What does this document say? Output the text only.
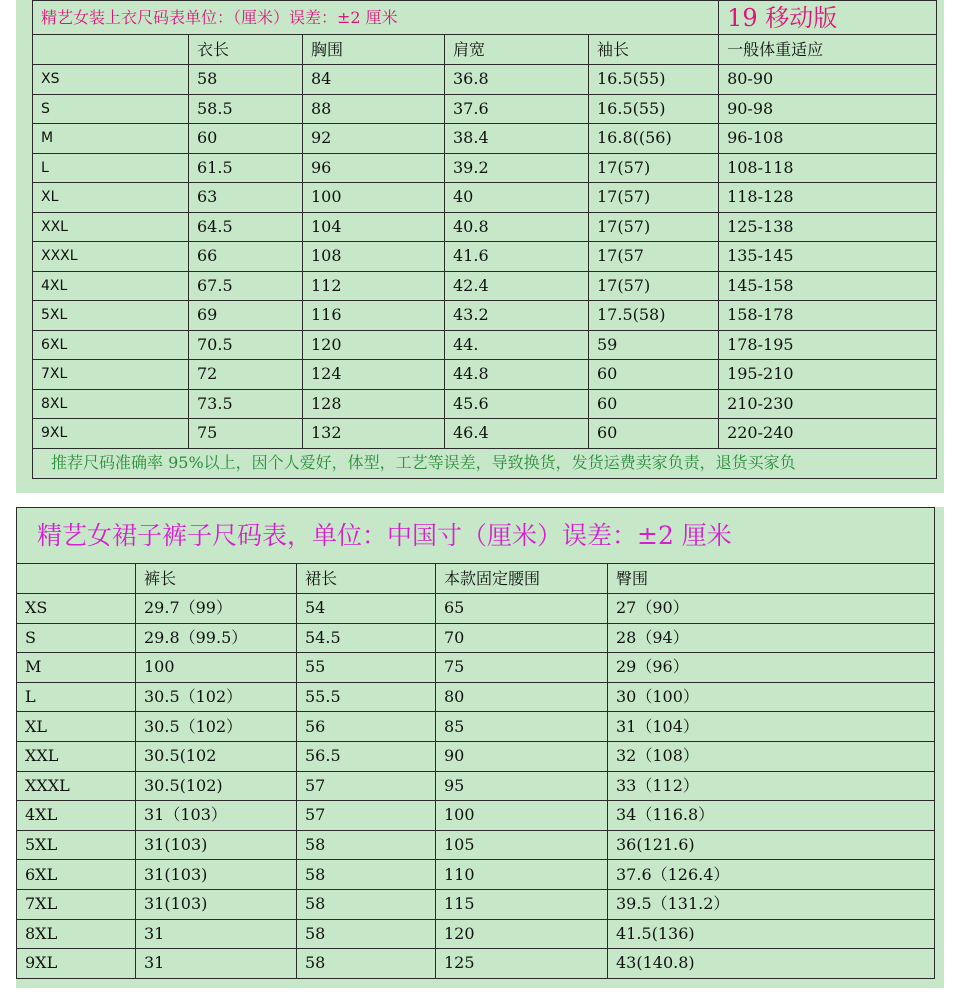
精艺女装上衣尺码表单位：（厘米）误差：±2 厘米					19 移动版
	衣长	胸围	肩宽	袖长	一般体重适应
XS	58	84	36.8	16.5(55)	80-90
S	58.5	88	37.6	16.5(55)	90-98
M	60	92	38.4	16.8((56)	96-108
L	61.5	96	39.2	17(57)	108-118
XL	63	100	40	17(57)	118-128
XXL	64.5	104	40.8	17(57)	125-138
XXXL	66	108	41.6	17(57	135-145
4XL	67.5	112	42.4	17(57)	145-158
5XL	69	116	43.2	17.5(58)	158-178
6XL	70.5	120	44.	59	178-195
7XL	72	124	44.8	60	195-210
8XL	73.5	128	45.6	60	210-230
9XL	75	132	46.4	60	220-240
推荐尺码准确率 95%以上，因个人爱好，体型，工艺等误差，导致换货，发货运费卖家负责，退货买家负					
精艺女裙子裤子尺码表，单位：中国寸（厘米）误差：±2 厘米				
	裤长	裙长	本款固定腰围	臀围
XS	29.7（99）	54	65	27（90）
S	29.8（99.5）	54.5	70	28（94）
M	100	55	75	29（96）
L	30.5（102）	55.5	80	30（100）
XL	30.5（102）	56	85	31（104）
XXL	30.5(102	56.5	90	32（108）
XXXL	30.5(102)	57	95	33（112）
4XL	31（103）	57	100	34（116.8）
5XL	31(103)	58	105	36(121.6)
6XL	31(103)	58	110	37.6（126.4）
7XL	31(103)	58	115	39.5（131.2）
8XL	31	58	120	41.5(136)
9XL	31	58	125	43(140.8)
